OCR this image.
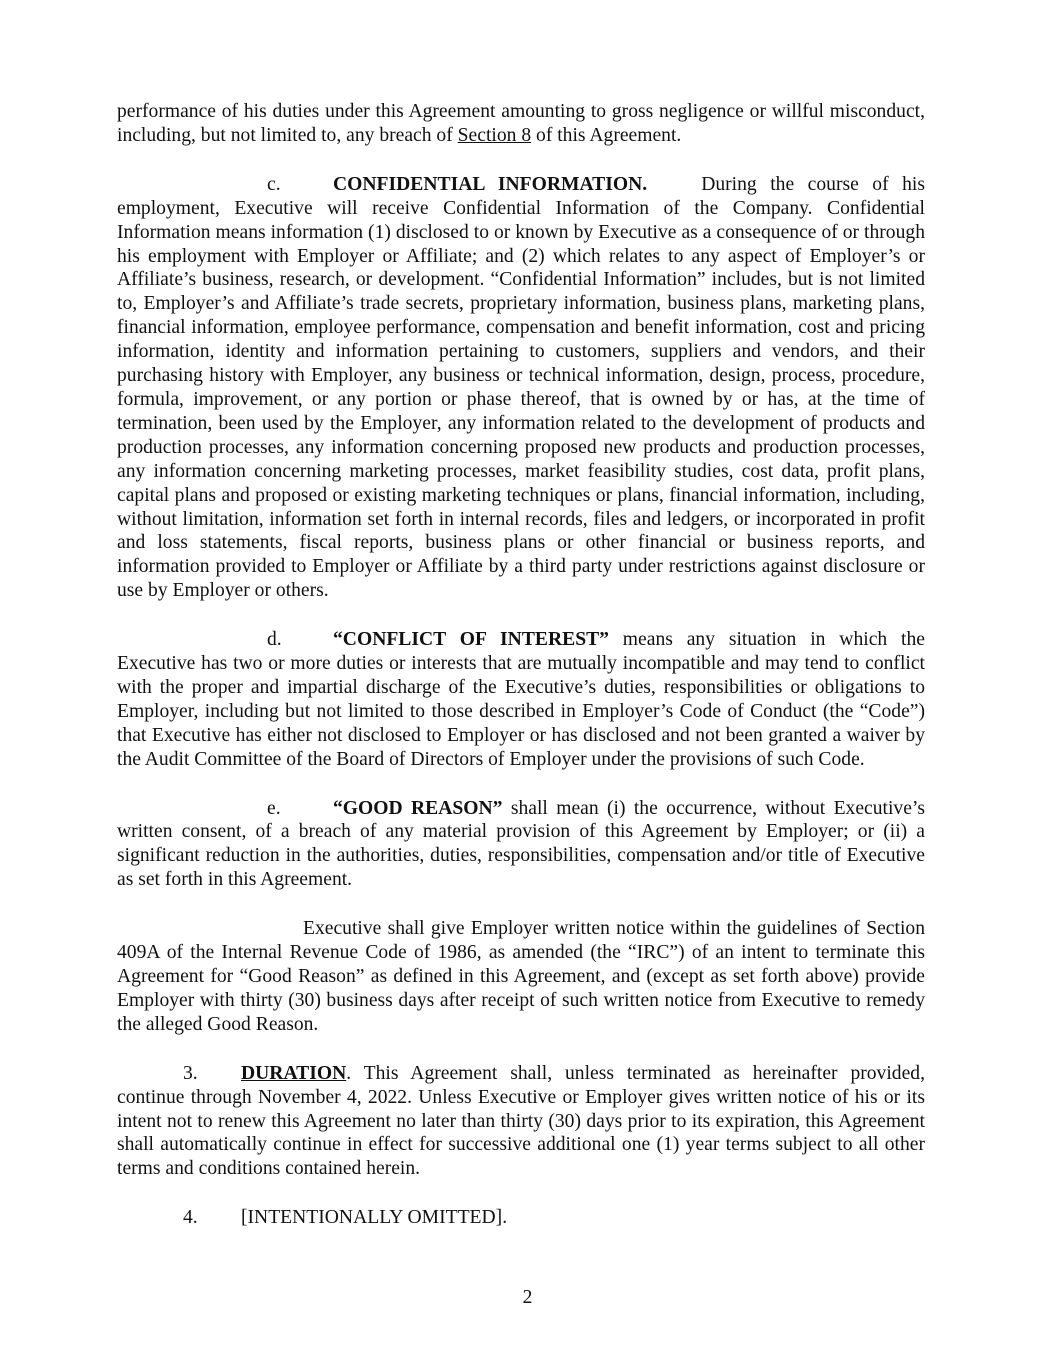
performance of his duties under this Agreement amounting to gross negligence or willful misconduct, including, but not limited to, any breach of Section 8 of this Agreement.

c.	CONFIDENTIAL INFORMATION.	During the course of his employment, Executive will receive Confidential Information of the Company. Confidential Information means information (1) disclosed to or known by Executive as a consequence of or through his employment with Employer or Affiliate; and (2) which relates to any aspect of Employer’s or Affiliate’s business, research, or development. “Confidential Information” includes, but is not limited to, Employer’s and Affiliate’s trade secrets, proprietary information, business plans, marketing plans, financial information, employee performance, compensation and benefit information, cost and pricing information, identity and information pertaining to customers, suppliers and vendors, and their purchasing history with Employer, any business or technical information, design, process, procedure, formula, improvement, or any portion or phase thereof, that is owned by or has, at the time of termination, been used by the Employer, any information related to the development of products and production processes, any information concerning proposed new products and production processes, any information concerning marketing processes, market feasibility studies, cost data, profit plans, capital plans and proposed or existing marketing techniques or plans, financial information, including, without limitation, information set forth in internal records, files and ledgers, or incorporated in profit and loss statements, fiscal reports, business plans or other financial or business reports, and information provided to Employer or Affiliate by a third party under restrictions against disclosure or use by Employer or others.

d.	“CONFLICT OF INTEREST” means any situation in which the Executive has two or more duties or interests that are mutually incompatible and may tend to conflict with the proper and impartial discharge of the Executive’s duties, responsibilities or obligations to Employer, including but not limited to those described in Employer’s Code of Conduct (the “Code”) that Executive has either not disclosed to Employer or has disclosed and not been granted a waiver by the Audit Committee of the Board of Directors of Employer under the provisions of such Code.

e.	“GOOD REASON” shall mean (i) the occurrence, without Executive’s written consent, of a breach of any material provision of this Agreement by Employer; or (ii) a significant reduction in the authorities, duties, responsibilities, compensation and/or title of Executive as set forth in this Agreement.

Executive shall give Employer written notice within the guidelines of Section 409A of the Internal Revenue Code of 1986, as amended (the “IRC”) of an intent to terminate this Agreement for “Good Reason” as defined in this Agreement, and (except as set forth above) provide Employer with thirty (30) business days after receipt of such written notice from Executive to remedy the alleged Good Reason.

3. DURATION. This Agreement shall, unless terminated as hereinafter provided, continue through November 4, 2022. Unless Executive or Employer gives written notice of his or its intent not to renew this Agreement no later than thirty (30) days prior to its expiration, this Agreement shall automatically continue in effect for successive additional one (1) year terms subject to all other terms and conditions contained herein.

4. [INTENTIONALLY OMITTED].

2
